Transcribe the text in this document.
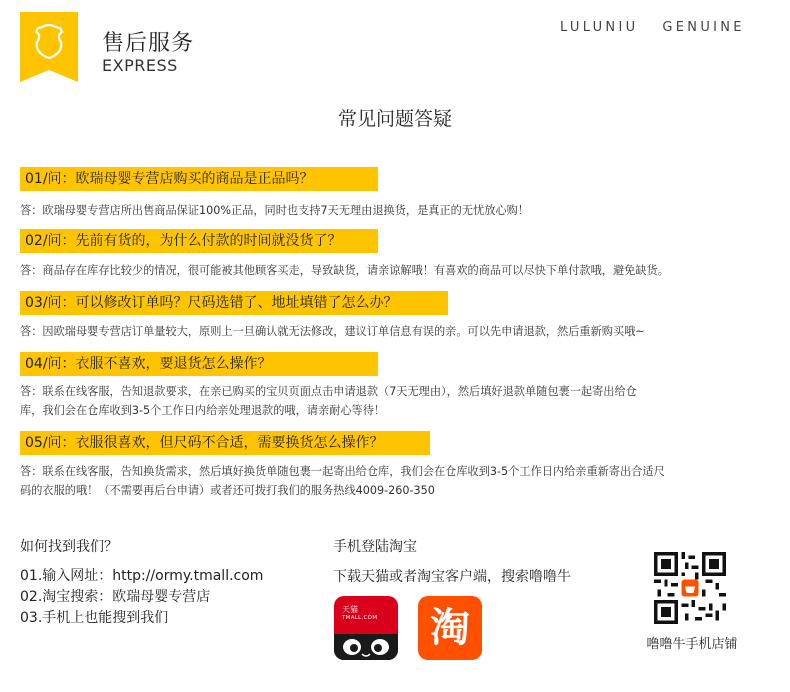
售后服务
EXPRESS
LULUNIU GENUINE
常见问题答疑
01/问：欧瑞母婴专营店购买的商品是正品吗？
答：欧瑞母婴专营店所出售商品保证100%正品，同时也支持7天无理由退换货，是真正的无忧放心购！
02/问：先前有货的，为什么付款的时间就没货了？
答：商品存在库存比较少的情况，很可能被其他顾客买走，导致缺货，请亲谅解哦！有喜欢的商品可以尽快下单付款哦，避免缺货。
03/问：可以修改订单吗？尺码选错了、地址填错了怎么办？
答：因欧瑞母婴专营店订单量较大，原则上一旦确认就无法修改，建议订单信息有误的亲。可以先申请退款，然后重新购买哦~
04/问：衣服不喜欢，要退货怎么操作？
答：联系在线客服，告知退款要求，在亲已购买的宝贝页面点击申请退款（7天无理由），然后填好退款单随包裹一起寄出给仓
库，我们会在仓库收到3-5个工作日内给亲处理退款的哦，请亲耐心等待！
05/问：衣服很喜欢，但尺码不合适，需要换货怎么操作？
答：联系在线客服，告知换货需求，然后填好换货单随包裹一起寄出给仓库，我们会在仓库收到3-5个工作日内给亲重新寄出合适尺
码的衣服的哦！（不需要再后台申请）或者还可拨打我们的服务热线4009-260-350
如何找到我们？
01.输入网址：http://ormy.tmall.com
02.淘宝搜索：欧瑞母婴专营店
03.手机上也能搜到我们
手机登陆淘宝
下载天猫或者淘宝客户端，搜索噜噜牛
天猫
TMALL.COM	淘	噜噜牛手机店铺
